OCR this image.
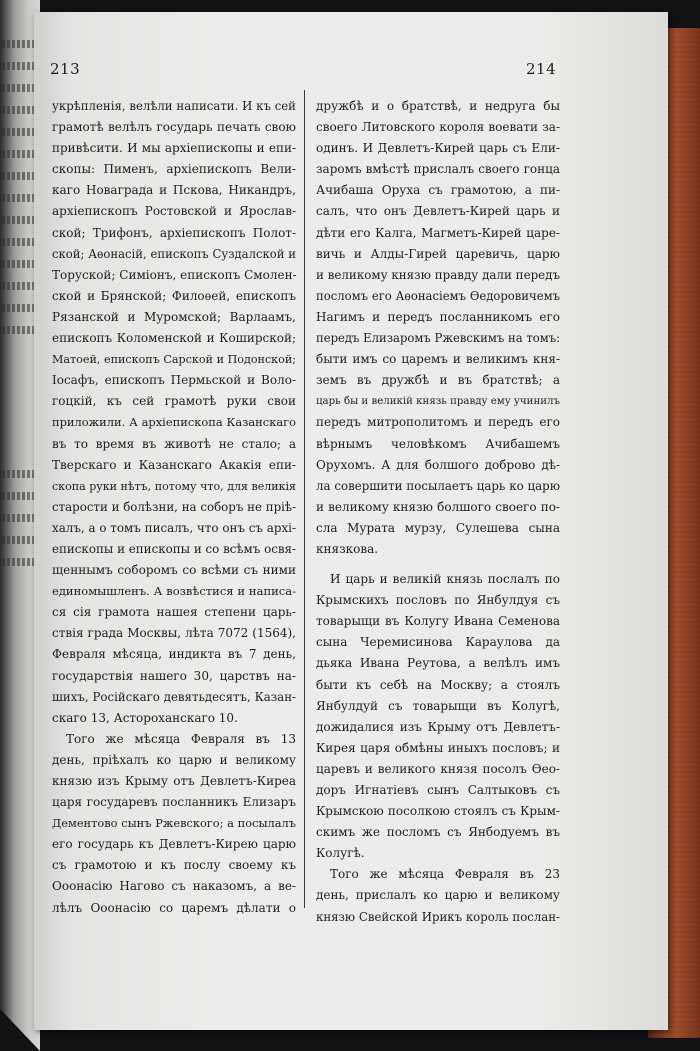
213	214
укрѣпленія, велѣли написати. И къ сей
грамотѣ велѣлъ государь печать свою
привѣсити. И мы архіепископы и епи-
скопы: Пименъ, архіепископъ Вели-
каго Новаграда и Пскова, Никандръ,
архіепископъ Ростовской и Ярослав-
ской; Трифонъ, архіепископъ Полот-
ской; Аѳонасій, епископъ Суздалской и
Торуской; Симіонъ, епископъ Смолен-
ской и Брянской; Филоѳей, епископъ
Рязанской и Муромской; Варлаамъ,
епископъ Коломенской и Коширской;
Матоей, епископъ Сарской и Подонской;
Іосафъ, епископъ Пермьской и Воло-
гоцкій, къ сей грамотѣ руки свои
приложили. А архіепископа Казанскаго
въ то время въ животѣ не стало; а
Тверскаго и Казанскаго Акакія епи-
скопа руки нѣтъ, потому что, для великія
старости и болѣзни, на соборъ не пріѣ-
халъ, а о томъ писалъ, что онъ съ архі-
епископы и епископы и со всѣмъ освя-
щеннымъ соборомъ со всѣми съ ними
единомышленъ. А возвѣстися и написа-
ся сія грамота нашея степени царь-
ствія града Москвы, лѣта 7072 (1564),
Февраля мѣсяца, индикта въ 7 день,
государствія нашего 30, царствъ на-
шихъ, Російскаго девятьдесятъ, Казан-
скаго 13, Астороханскаго 10.
Того же мѣсяца Февраля въ 13
день, пріѣхалъ ко царю и великому
князю изъ Крыму отъ Девлетъ-Киреа
царя государевъ посланникъ Елизаръ
Дементово сынъ Ржевского; а посылалъ
его государь къ Девлетъ-Кирею царю
съ грамотою и къ послу своему къ
Ооонасію Нагово съ наказомъ, а ве-
лѣлъ Ооонасію со царемъ дѣлати о
дружбѣ и о братствѣ, и недруга бы
своего Литовского короля воевати за-
одинъ. И Девлетъ-Кирей царь съ Ели-
заромъ вмѣстѣ прислалъ своего гонца
Ачибаша Оруха съ грамотою, а пи-
салъ, что онъ Девлетъ-Кирей царь и
дѣти его Калга, Магметъ-Кирей царе-
вичь и Алды-Гирей царевичь, царю
и великому князю правду дали передъ
посломъ его Аѳонасіемъ Ѳедоровичемъ
Нагимъ и передъ посланникомъ его
передъ Елизаромъ Ржевскимъ на томъ:
быти имъ со царемъ и великимъ кня-
земъ въ дружбѣ и въ братствѣ; а
царь бы и великій князь правду ему учинилъ
передъ митрополитомъ и передъ его
вѣрнымъ человѣкомъ Ачибашемъ
Орухомъ. А для болшого доброво дѣ-
ла совершити посылаетъ царь ко царю
и великому князю болшого своего по-
сла Мурата мурзу, Сулешева сына
князкова.
И царь и великій князь послалъ по
Крымскихъ пословъ по Янбулдуя съ
товарыщи въ Колугу Ивана Семенова
сына Черемисинова Караулова да
дьяка Ивана Реутова, а велѣлъ имъ
быти къ себѣ на Москву; а стоялъ
Янбулдуй съ товарыщи въ Колугѣ,
дожидалися изъ Крыму отъ Девлетъ-
Кирея царя обмѣны иныхъ пословъ; и
царевъ и великого князя посолъ Ѳео-
доръ Игнатіевъ сынъ Салтыковъ съ
Крымскою посолкою стоялъ съ Крым-
скимъ же посломъ съ Янбодуемъ въ
Колугѣ.
Того же мѣсяца Февраля въ 23
день, прислалъ ко царю и великому
князю Свейской Ирикъ король послан-
